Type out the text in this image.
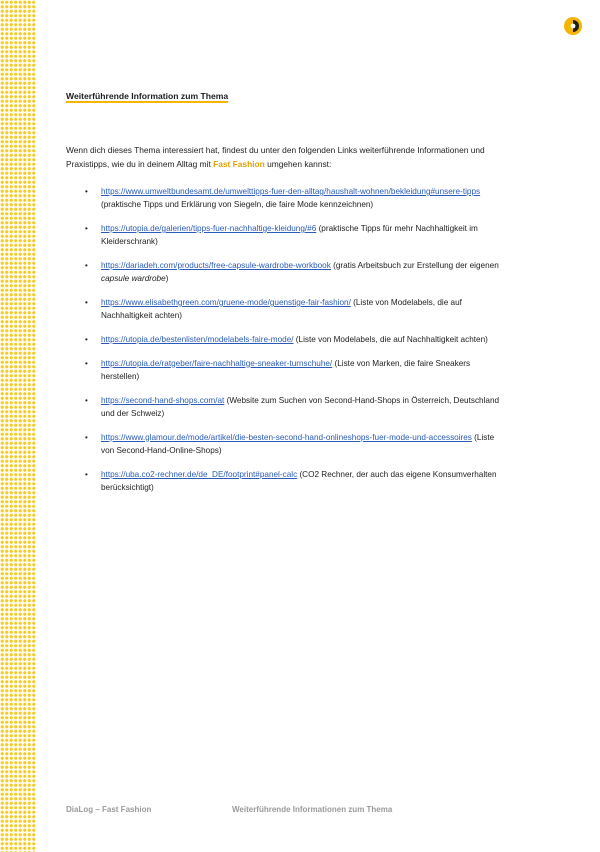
Weiterführende Information zum Thema

Wenn dich dieses Thema interessiert hat, findest du unter den folgenden Links weiterführende Informationen und Praxistipps, wie du in deinem Alltag mit Fast Fashion umgehen kannst:

• https://www.umweltbundesamt.de/umwelttipps-fuer-den-alltag/haushalt-wohnen/bekleidung#unsere-tipps (praktische Tipps und Erklärung von Siegeln, die faire Mode kennzeichnen)
• https://utopia.de/galerien/tipps-fuer-nachhaltige-kleidung/#6 (praktische Tipps für mehr Nachhaltigkeit im Kleiderschrank)
• https://dariadeh.com/products/free-capsule-wardrobe-workbook (gratis Arbeitsbuch zur Erstellung der eigenen capsule wardrobe)
• https://www.elisabethgreen.com/gruene-mode/guenstige-fair-fashion/ (Liste von Modelabels, die auf Nachhaltigkeit achten)
• https://utopia.de/bestenlisten/modelabels-faire-mode/ (Liste von Modelabels, die auf Nachhaltigkeit achten)
• https://utopia.de/ratgeber/faire-nachhaltige-sneaker-turnschuhe/ (Liste von Marken, die faire Sneakers herstellen)
• https://second-hand-shops.com/at (Website zum Suchen von Second-Hand-Shops in Österreich, Deutschland und der Schweiz)
• https://www.glamour.de/mode/artikel/die-besten-second-hand-onlineshops-fuer-mode-und-accessoires (Liste von Second-Hand-Online-Shops)
• https://uba.co2-rechner.de/de_DE/footprint#panel-calc (CO2 Rechner, der auch das eigene Konsumverhalten berücksichtigt)
DiaLog – Fast Fashion	Weiterführende Informationen zum Thema
